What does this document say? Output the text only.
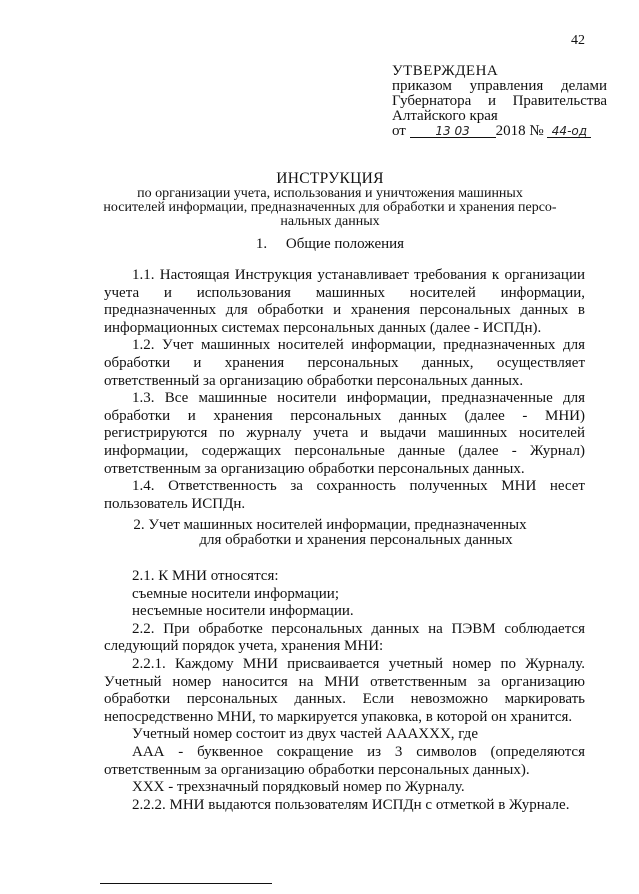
42
УТВЕРЖДЕНА
приказом управления делами
Губернатора и Правительства
Алтайского края
от 13 03 2018 № 44-од
ИНСТРУКЦИЯ
по организации учета, использования и уничтожения машинных
носителей информации, предназначенных для обработки и хранения персо-
нальных данных
1.     Общие положения

1.1. Настоящая Инструкция устанавливает требования к организации учета и использования машинных носителей информации, предназначенных для обработки и хранения персональных данных в информационных системах персональных данных (далее - ИСПДн).

1.2. Учет машинных носителей информации, предназначенных для обработки и хранения персональных данных, осуществляет ответственный за организацию обработки персональных данных.

1.3. Все машинные носители информации, предназначенные для обработки и хранения персональных данных (далее - МНИ) регистрируются по журналу учета и выдачи машинных носителей информации, содержащих персональные данные (далее - Журнал) ответственным за организацию обработки персональных данных.

1.4. Ответственность за сохранность полученных МНИ несет пользователь ИСПДн.

2. Учет машинных носителей информации, предназначенных
для обработки и хранения персональных данных

2.1. К МНИ относятся:

съемные носители информации;

несъемные носители информации.

2.2. При обработке персональных данных на ПЭВМ соблюдается следующий порядок учета, хранения МНИ:

2.2.1. Каждому МНИ присваивается учетный номер по Журналу. Учетный номер наносится на МНИ ответственным за организацию обработки персональных данных. Если невозможно маркировать непосредственно МНИ, то маркируется упаковка, в которой он хранится.

Учетный номер состоит из двух частей АААХХХ, где

ААА - буквенное сокращение из 3 символов (определяются ответственным за организацию обработки персональных данных).

ХХХ - трехзначный порядковый номер по Журналу.

2.2.2. МНИ выдаются пользователям ИСПДн с отметкой в Журнале.
